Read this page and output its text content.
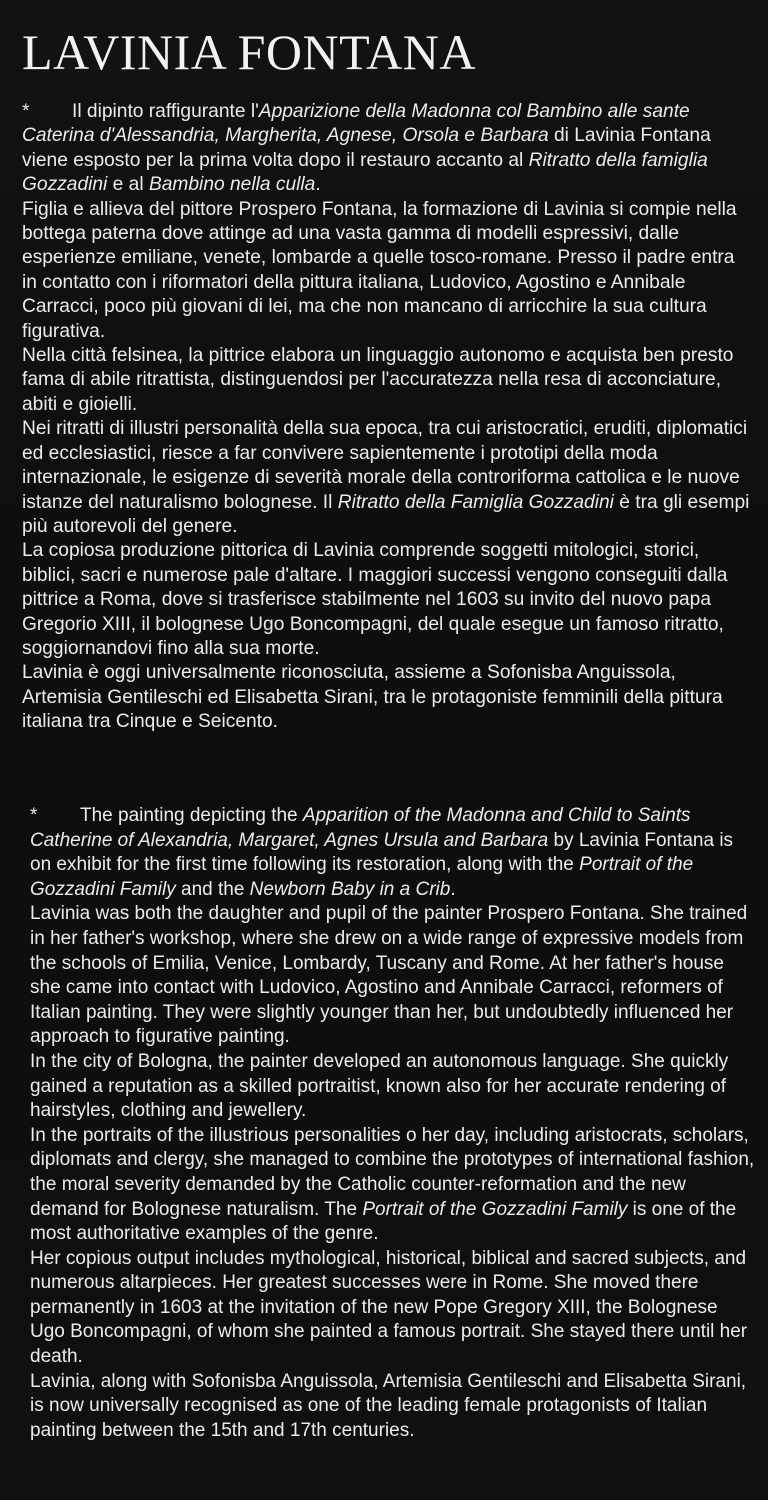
LAVINIA FONTANA

* Il dipinto raffigurante l'Apparizione della Madonna col Bambino alle sante Caterina d'Alessandria, Margherita, Agnese, Orsola e Barbara di Lavinia Fontana viene esposto per la prima volta dopo il restauro accanto al Ritratto della famiglia Gozzadini e al Bambino nella culla.

Figlia e allieva del pittore Prospero Fontana, la formazione di Lavinia si compie nella bottega paterna dove attinge ad una vasta gamma di modelli espressivi, dalle esperienze emiliane, venete, lombarde a quelle tosco-romane. Presso il padre entra in contatto con i riformatori della pittura italiana, Ludovico, Agostino e Annibale Carracci, poco più giovani di lei, ma che non mancano di arricchire la sua cultura figurativa.

Nella città felsinea, la pittrice elabora un linguaggio autonomo e acquista ben presto fama di abile ritrattista, distinguendosi per l'accuratezza nella resa di acconciature, abiti e gioielli.

Nei ritratti di illustri personalità della sua epoca, tra cui aristocratici, eruditi, diplomatici ed ecclesiastici, riesce a far convivere sapientemente i prototipi della moda internazionale, le esigenze di severità morale della controriforma cattolica e le nuove istanze del naturalismo bolognese. Il Ritratto della Famiglia Gozzadini è tra gli esempi più autorevoli del genere.

La copiosa produzione pittorica di Lavinia comprende soggetti mitologici, storici, biblici, sacri e numerose pale d'altare. I maggiori successi vengono conseguiti dalla pittrice a Roma, dove si trasferisce stabilmente nel 1603 su invito del nuovo papa Gregorio XIII, il bolognese Ugo Boncompagni, del quale esegue un famoso ritratto, soggiornandovi fino alla sua morte.

Lavinia è oggi universalmente riconosciuta, assieme a Sofonisba Anguissola, Artemisia Gentileschi ed Elisabetta Sirani, tra le protagoniste femminili della pittura italiana tra Cinque e Seicento.

* The painting depicting the Apparition of the Madonna and Child to Saints Catherine of Alexandria, Margaret, Agnes Ursula and Barbara by Lavinia Fontana is on exhibit for the first time following its restoration, along with the Portrait of the Gozzadini Family and the Newborn Baby in a Crib.

Lavinia was both the daughter and pupil of the painter Prospero Fontana. She trained in her father's workshop, where she drew on a wide range of expressive models from the schools of Emilia, Venice, Lombardy, Tuscany and Rome. At her father's house she came into contact with Ludovico, Agostino and Annibale Carracci, reformers of Italian painting. They were slightly younger than her, but undoubtedly influenced her approach to figurative painting.

In the city of Bologna, the painter developed an autonomous language. She quickly gained a reputation as a skilled portraitist, known also for her accurate rendering of hairstyles, clothing and jewellery.

In the portraits of the illustrious personalities o her day, including aristocrats, scholars, diplomats and clergy, she managed to combine the prototypes of international fashion, the moral severity demanded by the Catholic counter-reformation and the new demand for Bolognese naturalism. The Portrait of the Gozzadini Family is one of the most authoritative examples of the genre.

Her copious output includes mythological, historical, biblical and sacred subjects, and numerous altarpieces. Her greatest successes were in Rome. She moved there permanently in 1603 at the invitation of the new Pope Gregory XIII, the Bolognese Ugo Boncompagni, of whom she painted a famous portrait. She stayed there until her death.

Lavinia, along with Sofonisba Anguissola, Artemisia Gentileschi and Elisabetta Sirani, is now universally recognised as one of the leading female protagonists of Italian painting between the 15th and 17th centuries.
